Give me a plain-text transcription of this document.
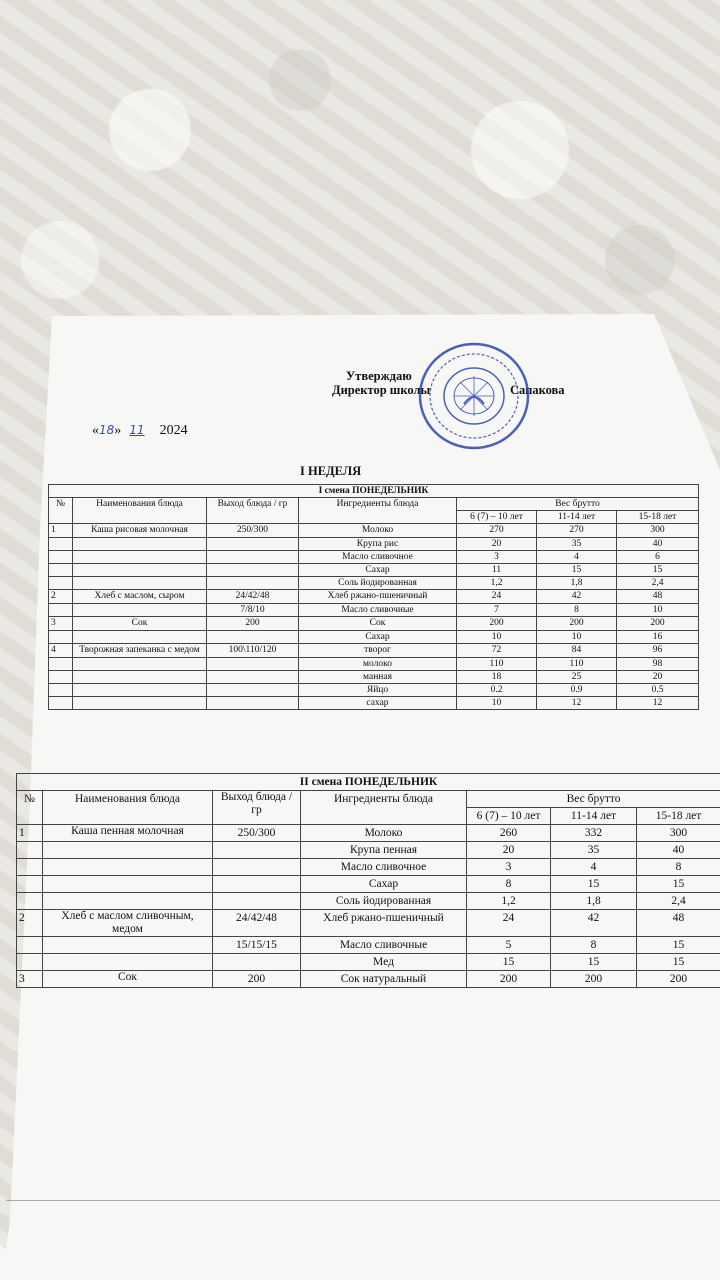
Утверждаю
Директор школы	Сапакова
«18» 11 2024
I НЕДЕЛЯ
I смена ПОНЕДЕЛЬНИК						
№	Наименования блюда	Выход блюда / гр	Ингредиенты блюда	Вес брутто		
				6 (7) – 10 лет	11-14 лет	15-18 лет
1	Каша рисовая молочная	250/300	Молоко	270	270	300
			Крупа рис	20	35	40
			Масло сливочное	3	4	6
			Сахар	11	15	15
			Соль йодированная	1,2	1,8	2,4
2	Хлеб с маслом, сыром	24/42/48	Хлеб ржано-пшеничный	24	42	48
		7/8/10	Масло сливочные	7	8	10
3	Сок	200	Сок	200	200	200
			Сахар	10	10	16
4	Творожная запеканка с медом	100\110/120	творог	72	84	96
			молоко	110	110	98
			манная	18	25	20
			Яйцо	0.2	0.9	0.5
			сахар	10	12	12
II смена ПОНЕДЕЛЬНИК						
№	Наименования блюда	Выход блюда / гр	Ингредиенты блюда	Вес брутто		
				6 (7) – 10 лет	11-14 лет	15-18 лет
1	Каша пенная молочная	250/300	Молоко	260	332	300
			Крупа пенная	20	35	40
			Масло сливочное	3	4	8
			Сахар	8	15	15
			Соль йодированная	1,2	1,8	2,4
2	Хлеб с маслом сливочным, медом	24/42/48	Хлеб ржано-пшеничный	24	42	48
		15/15/15	Масло сливочные	5	8	15
			Мед	15	15	15
3	Сок	200	Сок натуральный	200	200	200
